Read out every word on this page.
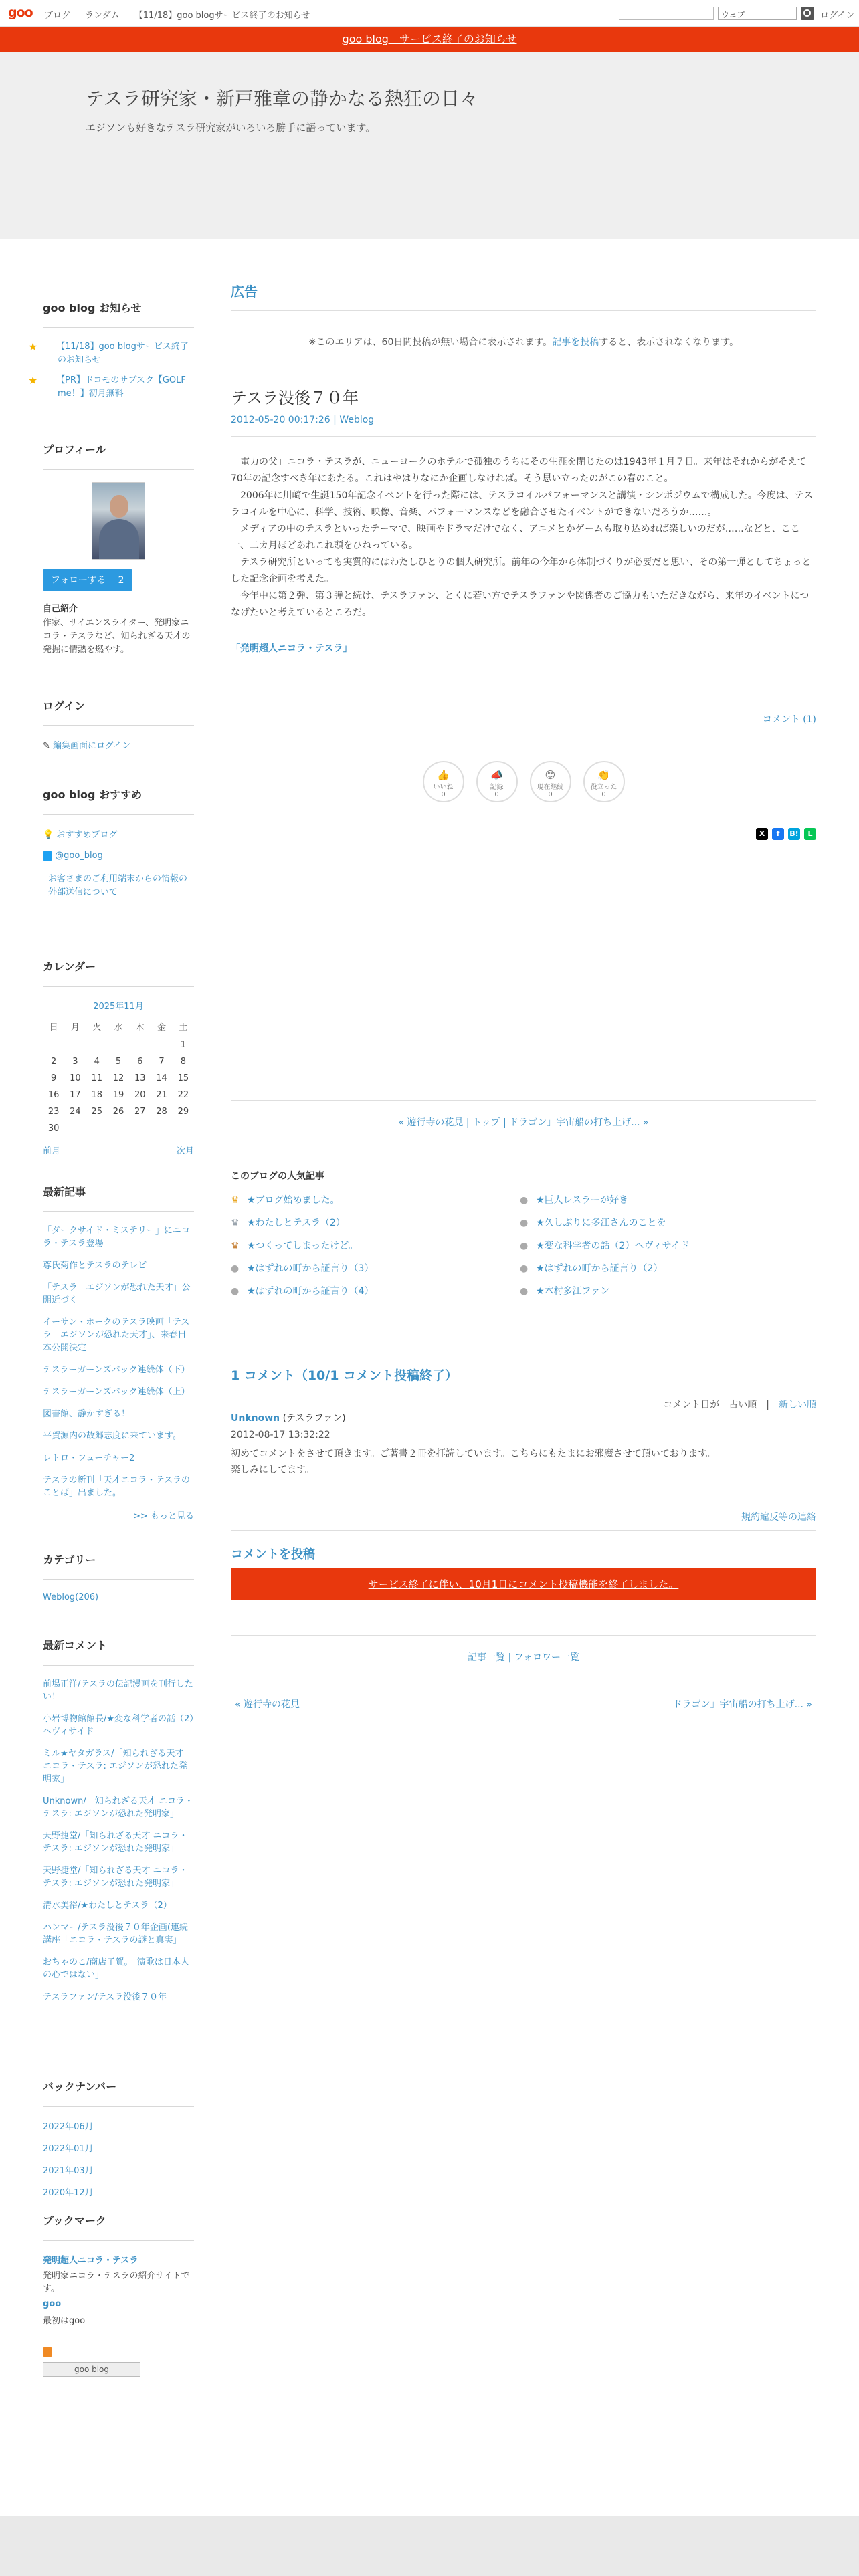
goo ブログ ランダム 【11/18】goo blogサービス終了のお知らせ	ウェブ	ログイン
goo blog　サービス終了のお知らせ
テスラ研究家・新戸雅章の静かなる熱狂の日々
エジソンも好きなテスラ研究家がいろいろ勝手に語っています。
goo blog お知らせ
★ 【11/18】goo blogサービス終了のお知らせ
★ 【PR】ドコモのサブスク【GOLF me！】初月無料
プロフィール
フォローする 2
自己紹介
作家、サイエンスライター、発明家ニコラ・テスラなど、知られざる天才の発掘に情熱を燃やす。
ログイン
✎ 編集画面にログイン
goo blog おすすめ
💡 おすすめブログ
@goo_blog
お客さまのご利用端末からの情報の外部送信について
カレンダー
2025年11月
日	月	火	水	木	金	土
						1
2	3	4	5	6	7	8
9	10	11	12	13	14	15
16	17	18	19	20	21	22
23	24	25	26	27	28	29
30						
前月	次月
最新記事
「ダークサイド・ミステリー」にニコラ・テスラ登場
尊氏菊作とテスラのテレビ
「テスラ　エジソンが恐れた天才」公開近づく
イーサン・ホークのテスラ映画「テスラ　エジソンが恐れた天才」、来春日本公開決定
テスラーガーンズバック連続体（下）
テスラーガーンズバック連続体（上）
図書館、静かすぎる！
平賀源内の故郷志度に来ています。
レトロ・フューチャー2
テスラの新刊「天才ニコラ・テスラのことば」出ました。
>> もっと見る
カテゴリー
Weblog(206)
最新コメント
前場正洋/テスラの伝記漫画を刊行したい！
小岩博物館館長/★変な科学者の話（2）ヘヴィサイド
ミル★ヤタガラス/「知られざる天才 ニコラ・テスラ: エジソンが恐れた発明家」
Unknown/「知られざる天才 ニコラ・テスラ: エジソンが恐れた発明家」
天野捷堂/「知られざる天才 ニコラ・テスラ: エジソンが恐れた発明家」
天野捷堂/「知られざる天才 ニコラ・テスラ: エジソンが恐れた発明家」
清水美裕/★わたしとテスラ（2）
ハンマー/テスラ没後７０年企画(連続講座「ニコラ・テスラの謎と真実」
おちゃのこ/商店子賀。「演歌は日本人の心ではない」
テスラファン/テスラ没後７０年
バックナンバー
2022年06月
2022年01月
2021年03月
2020年12月
ブックマーク
発明超人ニコラ・テスラ
発明家ニコラ・テスラの紹介サイトです。
goo
最初はgoo
goo blog
広告
※このエリアは、60日間投稿が無い場合に表示されます。記事を投稿すると、表示されなくなります。
テスラ没後７０年
2012-05-20 00:17:26 | Weblog

「電力の父」ニコラ・テスラが、ニューヨークのホテルで孤独のうちにその生涯を閉じたのは1943年１月７日。来年はそれからがそえて70年の記念すべき年にあたる。これはやはりなにか企画しなければ。そう思い立ったのがこの春のこと。

　2006年に川崎で生誕150年記念イベントを行った際には、テスラコイルパフォーマンスと講演・シンポジウムで構成した。今度は、テスラコイルを中心に、科学、技術、映像、音楽、パフォーマンスなどを融合させたイベントができないだろうか……。

　メディアの中のテスラといったテーマで、映画やドラマだけでなく、アニメとかゲームも取り込めれば楽しいのだが……などと、ここ一、二カ月ほどあれこれ頭をひねっている。

　テスラ研究所といっても実質的にはわたしひとりの個人研究所。前年の今年から体制づくりが必要だと思い、その第一弾としてちょっとした記念企画を考えた。

　今年中に第２弾、第３弾と続け、テスラファン、とくに若い方でテスラファンや関係者のご協力もいただきながら、来年のイベントにつなげたいと考えているところだ。

「発明超人ニコラ・テスラ」
コメント (1)
👍
いいね
0
📣
記録
0
😍
現在継続
0
👏
役立った
0
X	f	B!	L
« 遊行寺の花見 | トップ | ドラゴン」宇宙船の打ち上げ... »
このブログの人気記事
♛ ★ブログ始めました。	● ★巨人レスラーが好き
♛ ★わたしとテスラ（2）	● ★久しぶりに多江さんのことを
♛ ★つくってしまったけど。	● ★変な科学者の話（2）ヘヴィサイド
● ★はずれの町から証言り（3）	● ★はずれの町から証言り（2）
● ★はずれの町から証言り（4）	● ★木村多江ファン
1 コメント（10/1 コメント投稿終了）
コメント日が　 古い順　|　新しい順
Unknown (テスラファン)
2012-08-17 13:32:22
初めてコメントをさせて頂きます。ご著書２冊を拝読しています。こちらにもたまにお邪魔させて頂いております。
楽しみにしてます。
規約違反等の連絡
コメントを投稿
サービス終了に伴い、10月1日にコメント投稿機能を終了しました。
記事一覧 | フォロワー一覧
« 遊行寺の花見	ドラゴン」宇宙船の打ち上げ... »
